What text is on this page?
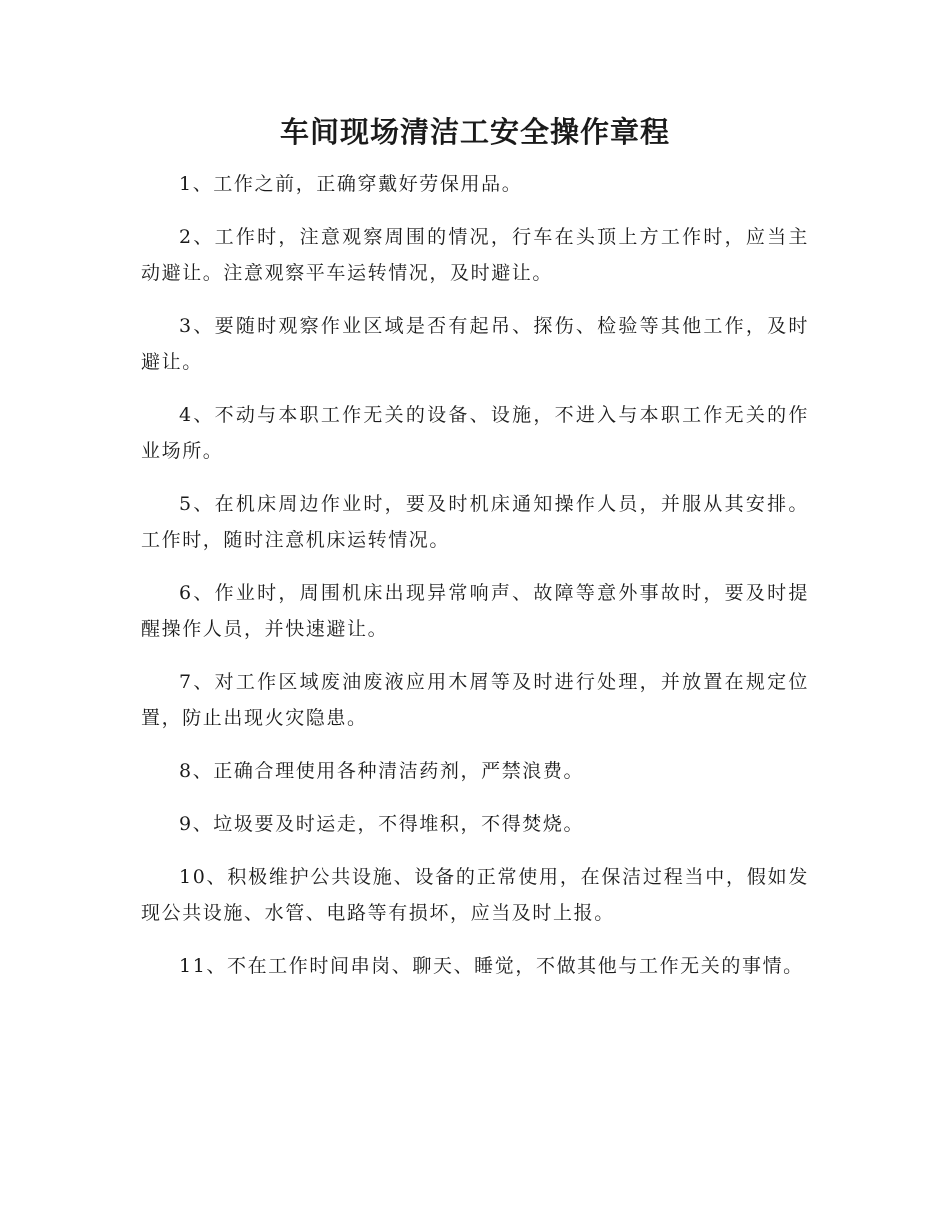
车间现场清洁工安全操作章程

1、工作之前，正确穿戴好劳保用品。

2、工作时，注意观察周围的情况，行车在头顶上方工作时，应当主动避让。注意观察平车运转情况，及时避让。

3、要随时观察作业区域是否有起吊、探伤、检验等其他工作，及时避让。

4、不动与本职工作无关的设备、设施，不进入与本职工作无关的作业场所。

5、在机床周边作业时，要及时机床通知操作人员，并服从其安排。工作时，随时注意机床运转情况。

6、作业时，周围机床出现异常响声、故障等意外事故时，要及时提醒操作人员，并快速避让。

7、对工作区域废油废液应用木屑等及时进行处理，并放置在规定位置，防止出现火灾隐患。

8、正确合理使用各种清洁药剂，严禁浪费。

9、垃圾要及时运走，不得堆积，不得焚烧。

10、积极维护公共设施、设备的正常使用，在保洁过程当中，假如发现公共设施、水管、电路等有损坏，应当及时上报。

11、不在工作时间串岗、聊天、睡觉，不做其他与工作无关的事情。
